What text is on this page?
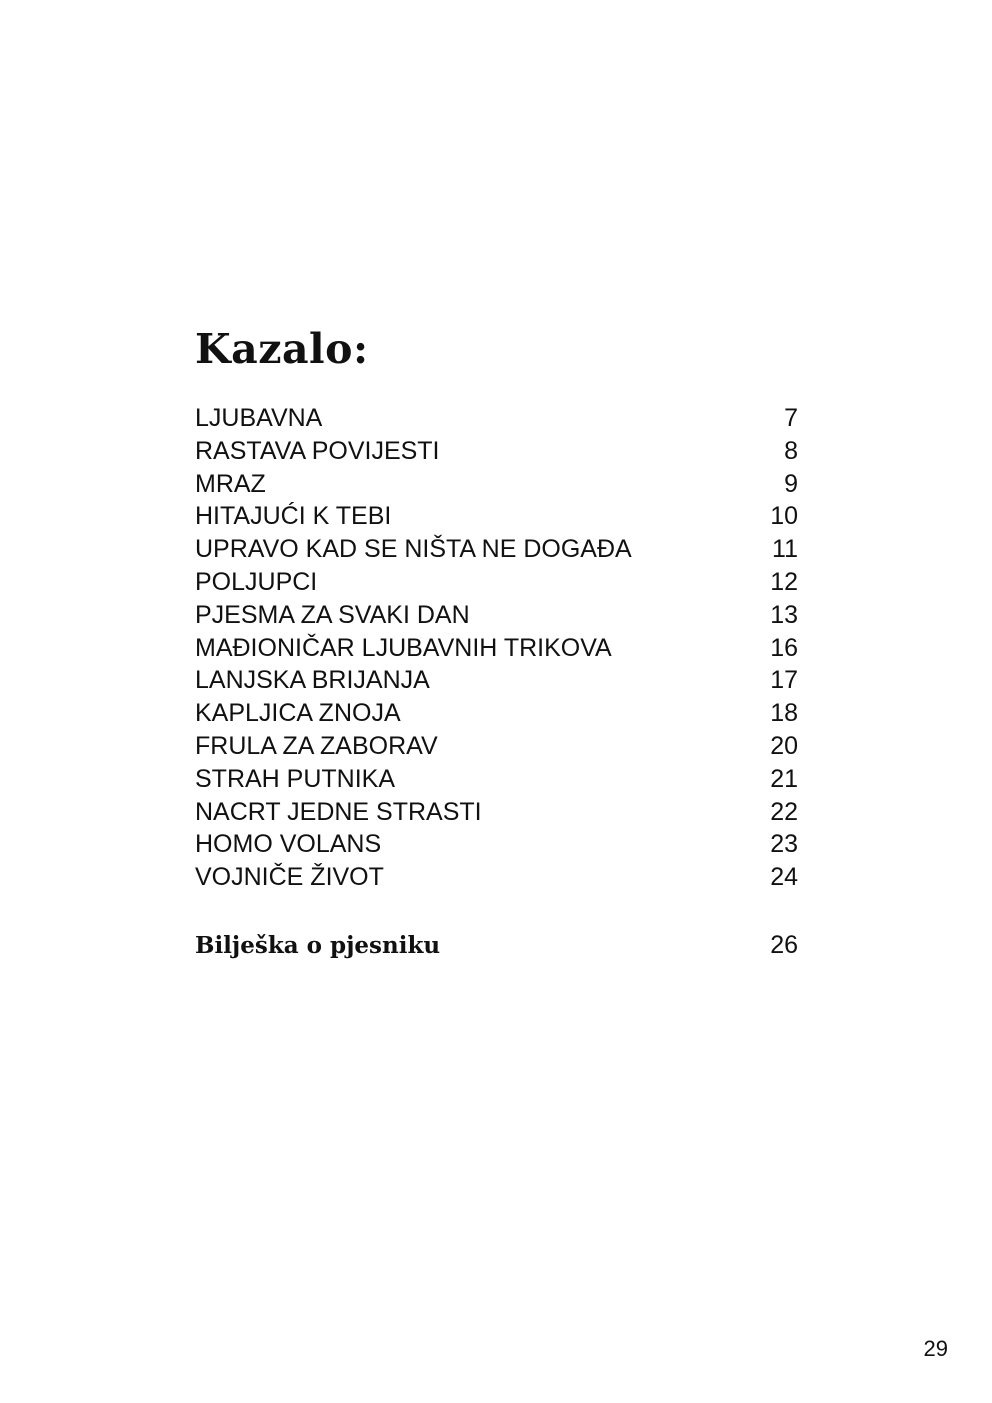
Kazalo:
LJUBAVNA	7
RASTAVA POVIJESTI	8
MRAZ	9
HITAJUĆI K TEBI	10
UPRAVO KAD SE NIŠTA NE DOGAĐA	11
POLJUPCI	12
PJESMA ZA SVAKI DAN	13
MAĐIONIČAR LJUBAVNIH TRIKOVA	16
LANJSKA BRIJANJA	17
KAPLJICA ZNOJA	18
FRULA ZA ZABORAV	20
STRAH PUTNIKA	21
NACRT JEDNE STRASTI	22
HOMO VOLANS	23
VOJNIČE ŽIVOT	24
Bilješka o pjesniku	26
29
